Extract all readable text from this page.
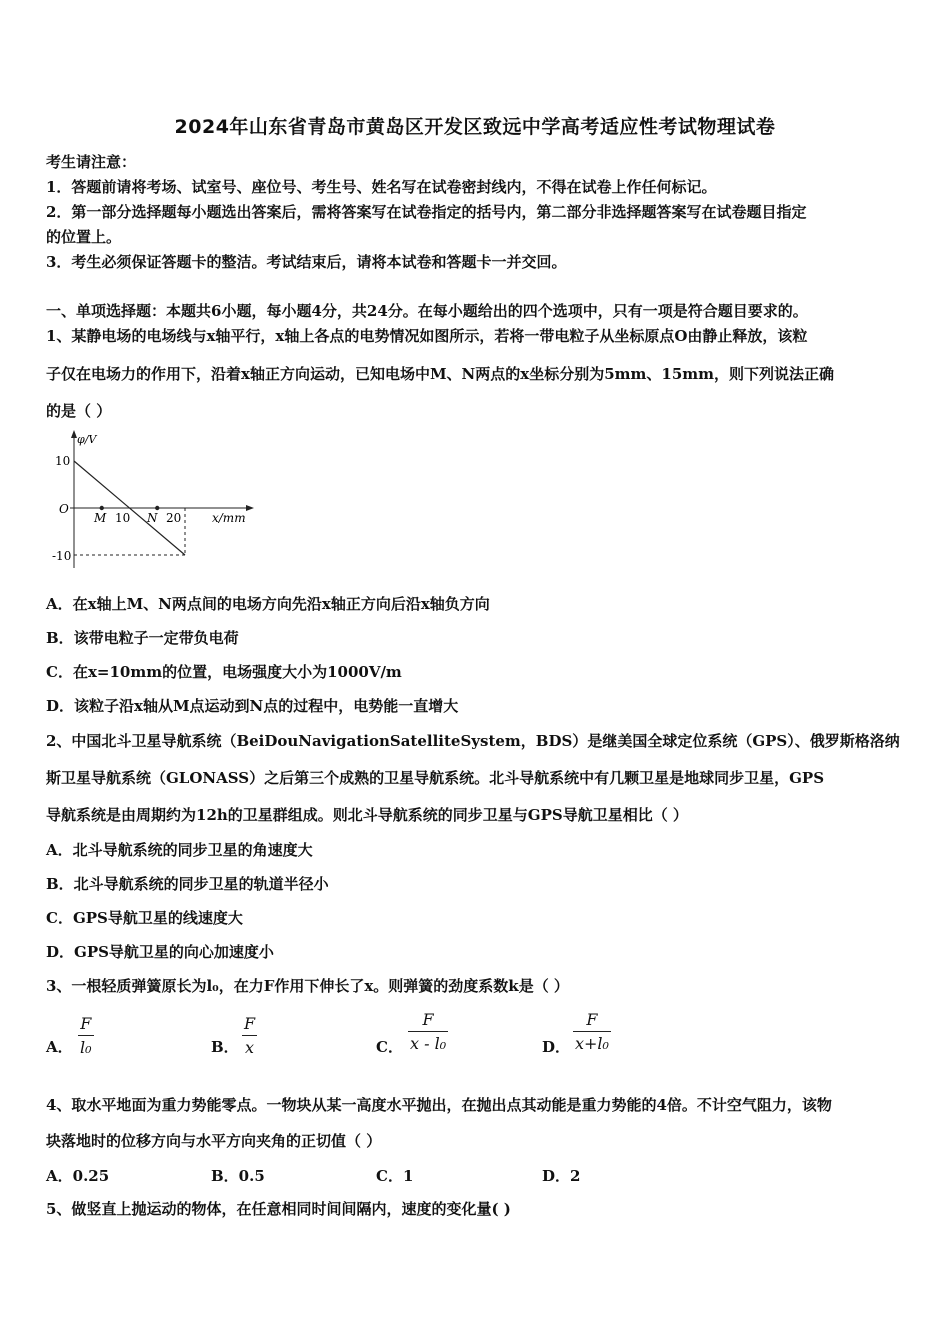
2024年山东省青岛市黄岛区开发区致远中学高考适应性考试物理试卷
考生请注意：
1．答题前请将考场、试室号、座位号、考生号、姓名写在试卷密封线内，不得在试卷上作任何标记。
2．第一部分选择题每小题选出答案后，需将答案写在试卷指定的括号内，第二部分非选择题答案写在试卷题目指定
的位置上。
3．考生必须保证答题卡的整洁。考试结束后，请将本试卷和答题卡一并交回。
一、单项选择题：本题共6小题，每小题4分，共24分。在每小题给出的四个选项中，只有一项是符合题目要求的。
1、某静电场的电场线与x轴平行，x轴上各点的电势情况如图所示，若将一带电粒子从坐标原点O由静止释放，该粒
子仅在电场力的作用下，沿着x轴正方向运动，已知电场中M、N两点的x坐标分别为5mm、15mm，则下列说法正确
的是（ ）
φ/V
x/mm
10
-10
O
M 10 N 20
A．在x轴上M、N两点间的电场方向先沿x轴正方向后沿x轴负方向
B．该带电粒子一定带负电荷
C．在x=10mm的位置，电场强度大小为1000V/m
D．该粒子沿x轴从M点运动到N点的过程中，电势能一直增大
2、中国北斗卫星导航系统（BeiDouNavigationSatelliteSystem，BDS）是继美国全球定位系统（GPS）、俄罗斯格洛纳
斯卫星导航系统（GLONASS）之后第三个成熟的卫星导航系统。北斗导航系统中有几颗卫星是地球同步卫星，GPS
导航系统是由周期约为12h的卫星群组成。则北斗导航系统的同步卫星与GPS导航卫星相比（ ）
A．北斗导航系统的同步卫星的角速度大
B．北斗导航系统的同步卫星的轨道半径小
C．GPS导航卫星的线速度大
D．GPS导航卫星的向心加速度小
3、一根轻质弹簧原长为l₀，在力F作用下伸长了x。则弹簧的劲度系数k是（ ）
A．
F
l₀	B．
F
x	C．
F
x - l₀	D．
F
x+l₀
4、取水平地面为重力势能零点。一物块从某一高度水平抛出，在抛出点其动能是重力势能的4倍。不计空气阻力，该物
块落地时的位移方向与水平方向夹角的正切值（ ）
A．0.25	B．0.5	C．1	D．2
5、做竖直上抛运动的物体，在任意相同时间间隔内，速度的变化量( )
